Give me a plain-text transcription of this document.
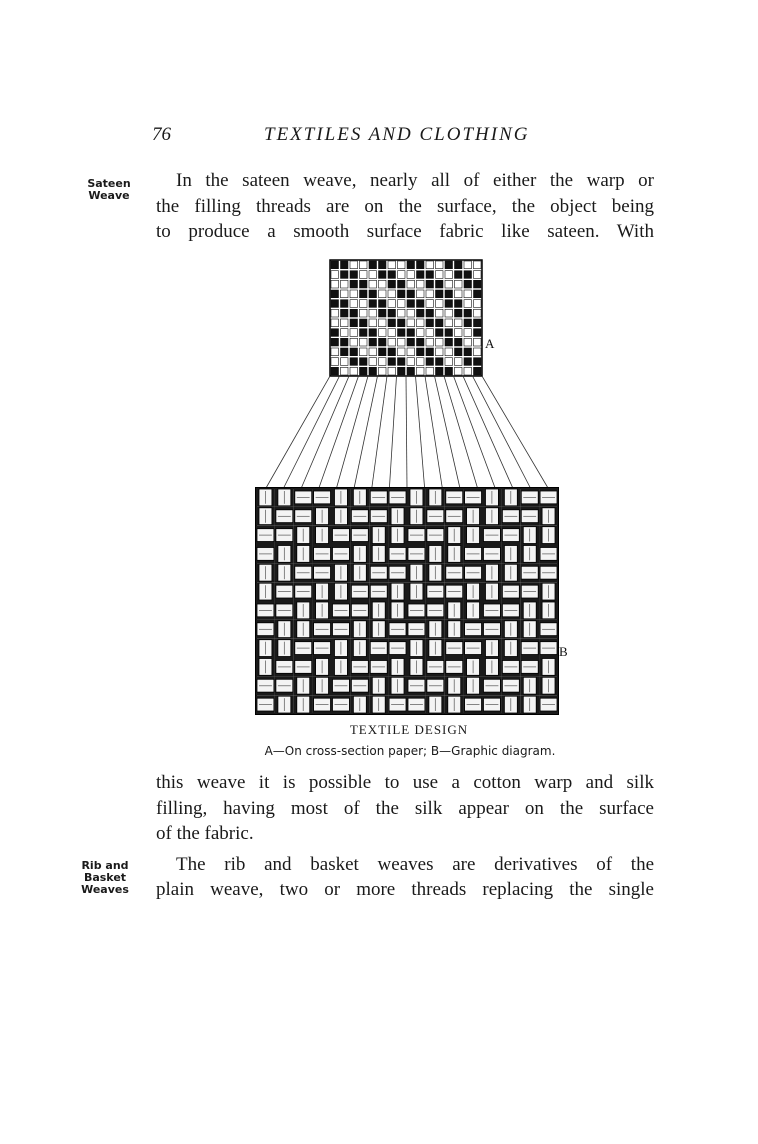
76	TEXTILES AND CLOTHING
Sateen
Weave
In the sateen weave, nearly all of either the warp or
the filling threads are on the surface, the object being
to produce a smooth surface fabric like sateen. With
A
B
TEXTILE DESIGN
A—On cross-section paper; B—Graphic diagram.
this weave it is possible to use a cotton warp and silk
filling, having most of the silk appear on the surface
of the fabric.
Rib and
Basket
Weaves
The rib and basket weaves are derivatives of the
plain weave, two or more threads replacing the single
